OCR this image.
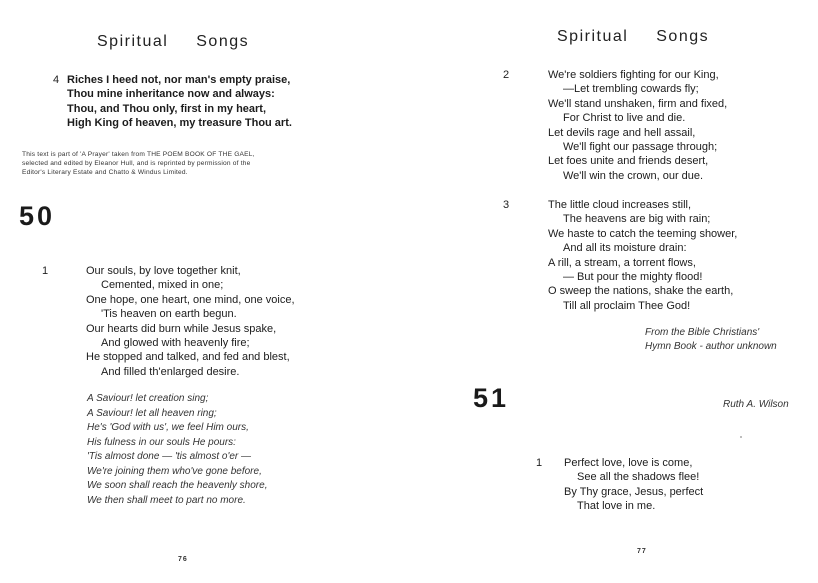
Spiritual Songs
4 Riches I heed not, nor man's empty praise,
Thou mine inheritance now and always:
Thou, and Thou only, first in my heart,
High King of heaven, my treasure Thou art.
This text is part of 'A Prayer' taken from THE POEM BOOK OF THE GAEL,
selected and edited by Eleanor Hull, and is reprinted by permission of the
Editor's Literary Estate and Chatto & Windus Limited.
50
1	Our souls, by love together knit,
Cemented, mixed in one;
One hope, one heart, one mind, one voice,
'Tis heaven on earth begun.
Our hearts did burn while Jesus spake,
And glowed with heavenly fire;
He stopped and talked, and fed and blest,
And filled th'enlarged desire.
A Saviour! let creation sing;
A Saviour! let all heaven ring;
He's 'God with us', we feel Him ours,
His fulness in our souls He pours:
'Tis almost done — 'tis almost o'er —
We're joining them who've gone before,
We soon shall reach the heavenly shore,
We then shall meet to part no more.
76
Spiritual Songs
2	We're soldiers fighting for our King,
—Let trembling cowards fly;
We'll stand unshaken, firm and fixed,
For Christ to live and die.
Let devils rage and hell assail,
We'll fight our passage through;
Let foes unite and friends desert,
We'll win the crown, our due.
3	The little cloud increases still,
The heavens are big with rain;
We haste to catch the teeming shower,
And all its moisture drain:
A rill, a stream, a torrent flows,
— But pour the mighty flood!
O sweep the nations, shake the earth,
Till all proclaim Thee God!
From the Bible Christians'
Hymn Book - author unknown
51	Ruth A. Wilson
1 Perfect love, love is come,
See all the shadows flee!
By Thy grace, Jesus, perfect
That love in me.
77
